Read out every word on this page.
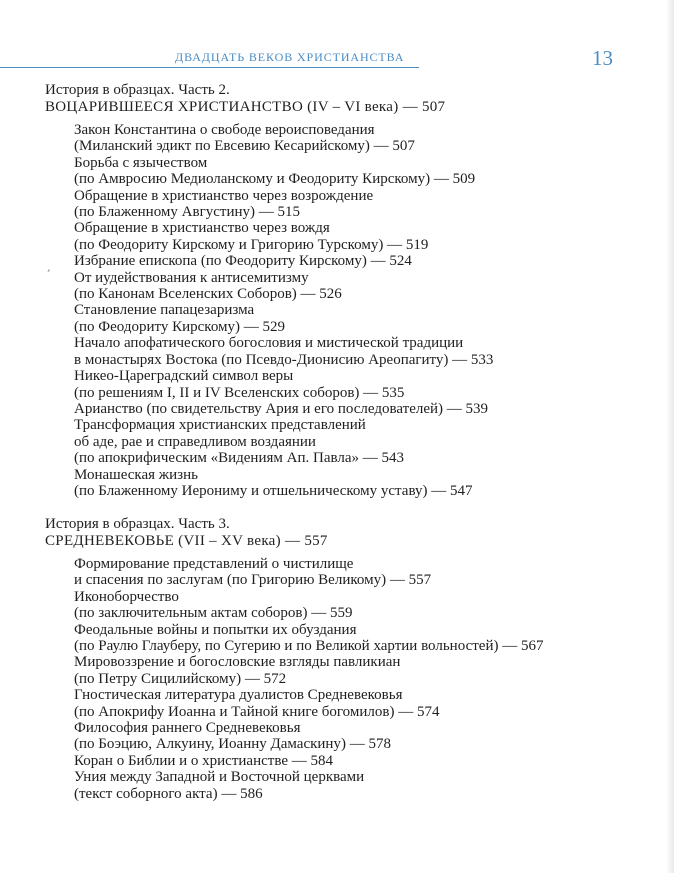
ДВАДЦАТЬ ВЕКОВ ХРИСТИАНСТВА	13
ʼ
История в образцах. Часть 2.
ВОЦАРИВШЕЕСЯ ХРИСТИАНСТВО (IV – VI века) — 507
Закон Константина о свободе вероисповедания
(Миланский эдикт по Евсевию Кесарийскому) — 507
Борьба с язычеством
(по Амвросию Медиоланскому и Феодориту Кирскому) — 509
Обращение в христианство через возрождение
(по Блаженному Августину) — 515
Обращение в христианство через вождя
(по Феодориту Кирскому и Григорию Турскому) — 519
Избрание епископа (по Феодориту Кирскому) — 524
От иудействования к антисемитизму
(по Канонам Вселенских Соборов) — 526
Становление папацезаризма
(по Феодориту Кирскому) — 529
Начало апофатического богословия и мистической традиции
в монастырях Востока (по Псевдо-Дионисию Ареопагиту) — 533
Никео-Цареградский символ веры
(по решениям I, II и IV Вселенских соборов) — 535
Арианство (по свидетельству Ария и его последователей) — 539
Трансформация христианских представлений
об аде, рае и справедливом воздаянии
(по апокрифическим «Видениям Ап. Павла» — 543
Монашеская жизнь
(по Блаженному Иерониму и отшельническому уставу) — 547
История в образцах. Часть 3.
СРЕДНЕВЕКОВЬЕ (VII – XV века) — 557
Формирование представлений о чистилище
и спасения по заслугам (по Григорию Великому) — 557
Иконоборчество
(по заключительным актам соборов) — 559
Феодальные войны и попытки их обуздания
(по Раулю Глауберу, по Сугерию и по Великой хартии вольностей) — 567
Мировоззрение и богословские взгляды павликиан
(по Петру Сицилийскому) — 572
Гностическая литература дуалистов Средневековья
(по Апокрифу Иоанна и Тайной книге богомилов) — 574
Философия раннего Средневековья
(по Боэцию, Алкуину, Иоанну Дамаскину) — 578
Коран о Библии и о христианстве — 584
Уния между Западной и Восточной церквами
(текст соборного акта) — 586
